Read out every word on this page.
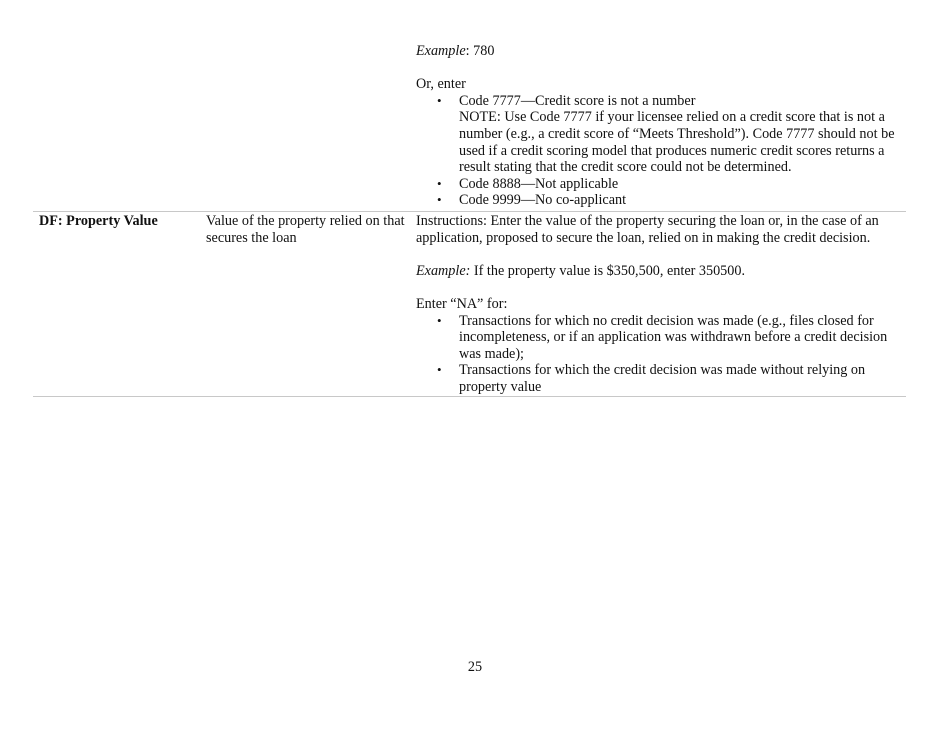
Example: 780

Or, enter

• Code 7777—Credit score is not a number
NOTE: Use Code 7777 if your licensee relied on a credit score that is not a number (e.g., a credit score of “Meets Threshold”). Code 7777 should not be used if a credit scoring model that produces numeric credit scores returns a result stating that the credit score could not be determined.
• Code 8888—Not applicable
• Code 9999—No co-applicant
DF: Property Value	Value of the property relied on that secures the loan

Instructions: Enter the value of the property securing the loan or, in the case of an application, proposed to secure the loan, relied on in making the credit decision.

Example: If the property value is $350,500, enter 350500.

Enter “NA” for:

• Transactions for which no credit decision was made (e.g., files closed for incompleteness, or if an application was withdrawn before a credit decision was made);
• Transactions for which the credit decision was made without relying on property value
25
